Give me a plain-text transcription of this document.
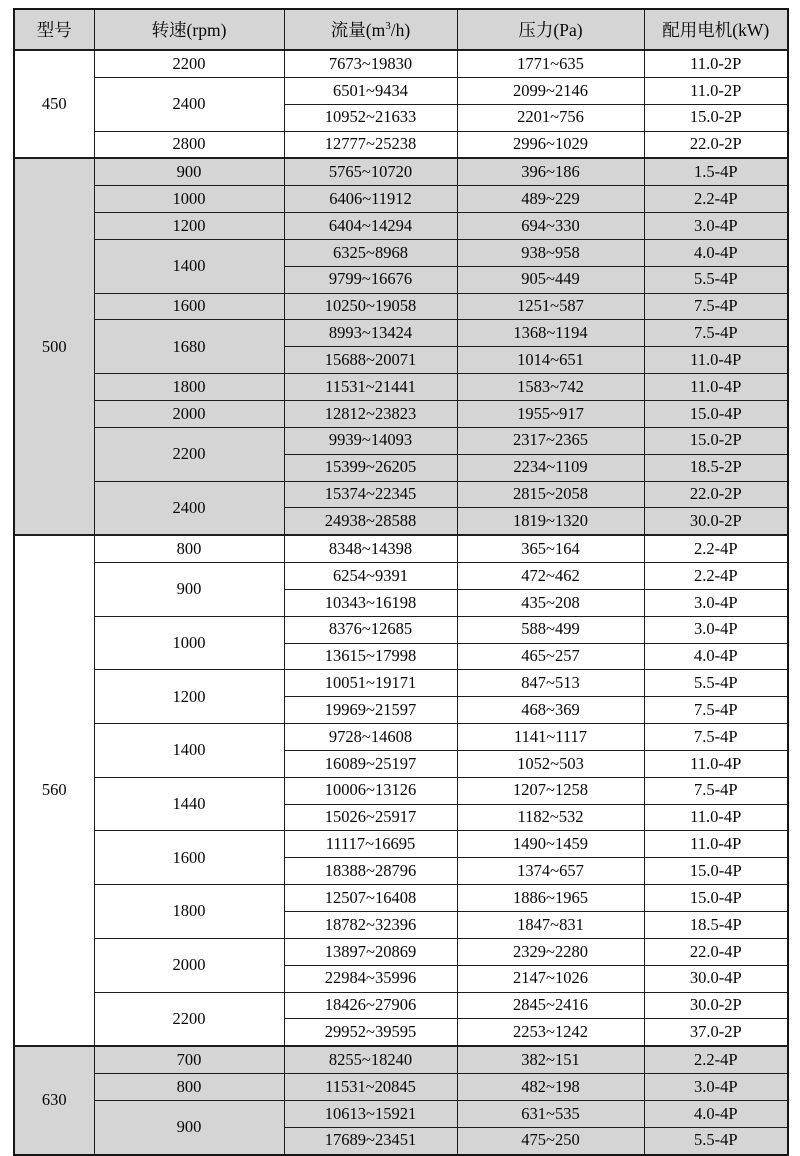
型号	转速(rpm)	流量$(m^3/h)$	压力(Pa)	配用电机(kW)
450	2200	7673~19830	1771~635	11.0-2P
	2400	6501~9434	2099~2146	11.0-2P
		10952~21633	2201~756	15.0-2P
	2800	12777~25238	2996~1029	22.0-2P
500	900	5765~10720	396~186	1.5-4P
	1000	6406~11912	489~229	2.2-4P
	1200	6404~14294	694~330	3.0-4P
	1400	6325~8968	938~958	4.0-4P
		9799~16676	905~449	5.5-4P
	1600	10250~19058	1251~587	7.5-4P
	1680	8993~13424	1368~1194	7.5-4P
		15688~20071	1014~651	11.0-4P
	1800	11531~21441	1583~742	11.0-4P
	2000	12812~23823	1955~917	15.0-4P
	2200	9939~14093	2317~2365	15.0-2P
		15399~26205	2234~1109	18.5-2P
	2400	15374~22345	2815~2058	22.0-2P
		24938~28588	1819~1320	30.0-2P
560	800	8348~14398	365~164	2.2-4P
	900	6254~9391	472~462	2.2-4P
		10343~16198	435~208	3.0-4P
	1000	8376~12685	588~499	3.0-4P
		13615~17998	465~257	4.0-4P
	1200	10051~19171	847~513	5.5-4P
		19969~21597	468~369	7.5-4P
	1400	9728~14608	1141~1117	7.5-4P
		16089~25197	1052~503	11.0-4P
	1440	10006~13126	1207~1258	7.5-4P
		15026~25917	1182~532	11.0-4P
	1600	11117~16695	1490~1459	11.0-4P
		18388~28796	1374~657	15.0-4P
	1800	12507~16408	1886~1965	15.0-4P
		18782~32396	1847~831	18.5-4P
	2000	13897~20869	2329~2280	22.0-4P
		22984~35996	2147~1026	30.0-4P
	2200	18426~27906	2845~2416	30.0-2P
		29952~39595	2253~1242	37.0-2P
630	700	8255~18240	382~151	2.2-4P
	800	11531~20845	482~198	3.0-4P
	900	10613~15921	631~535	4.0-4P
		17689~23451	475~250	5.5-4P
